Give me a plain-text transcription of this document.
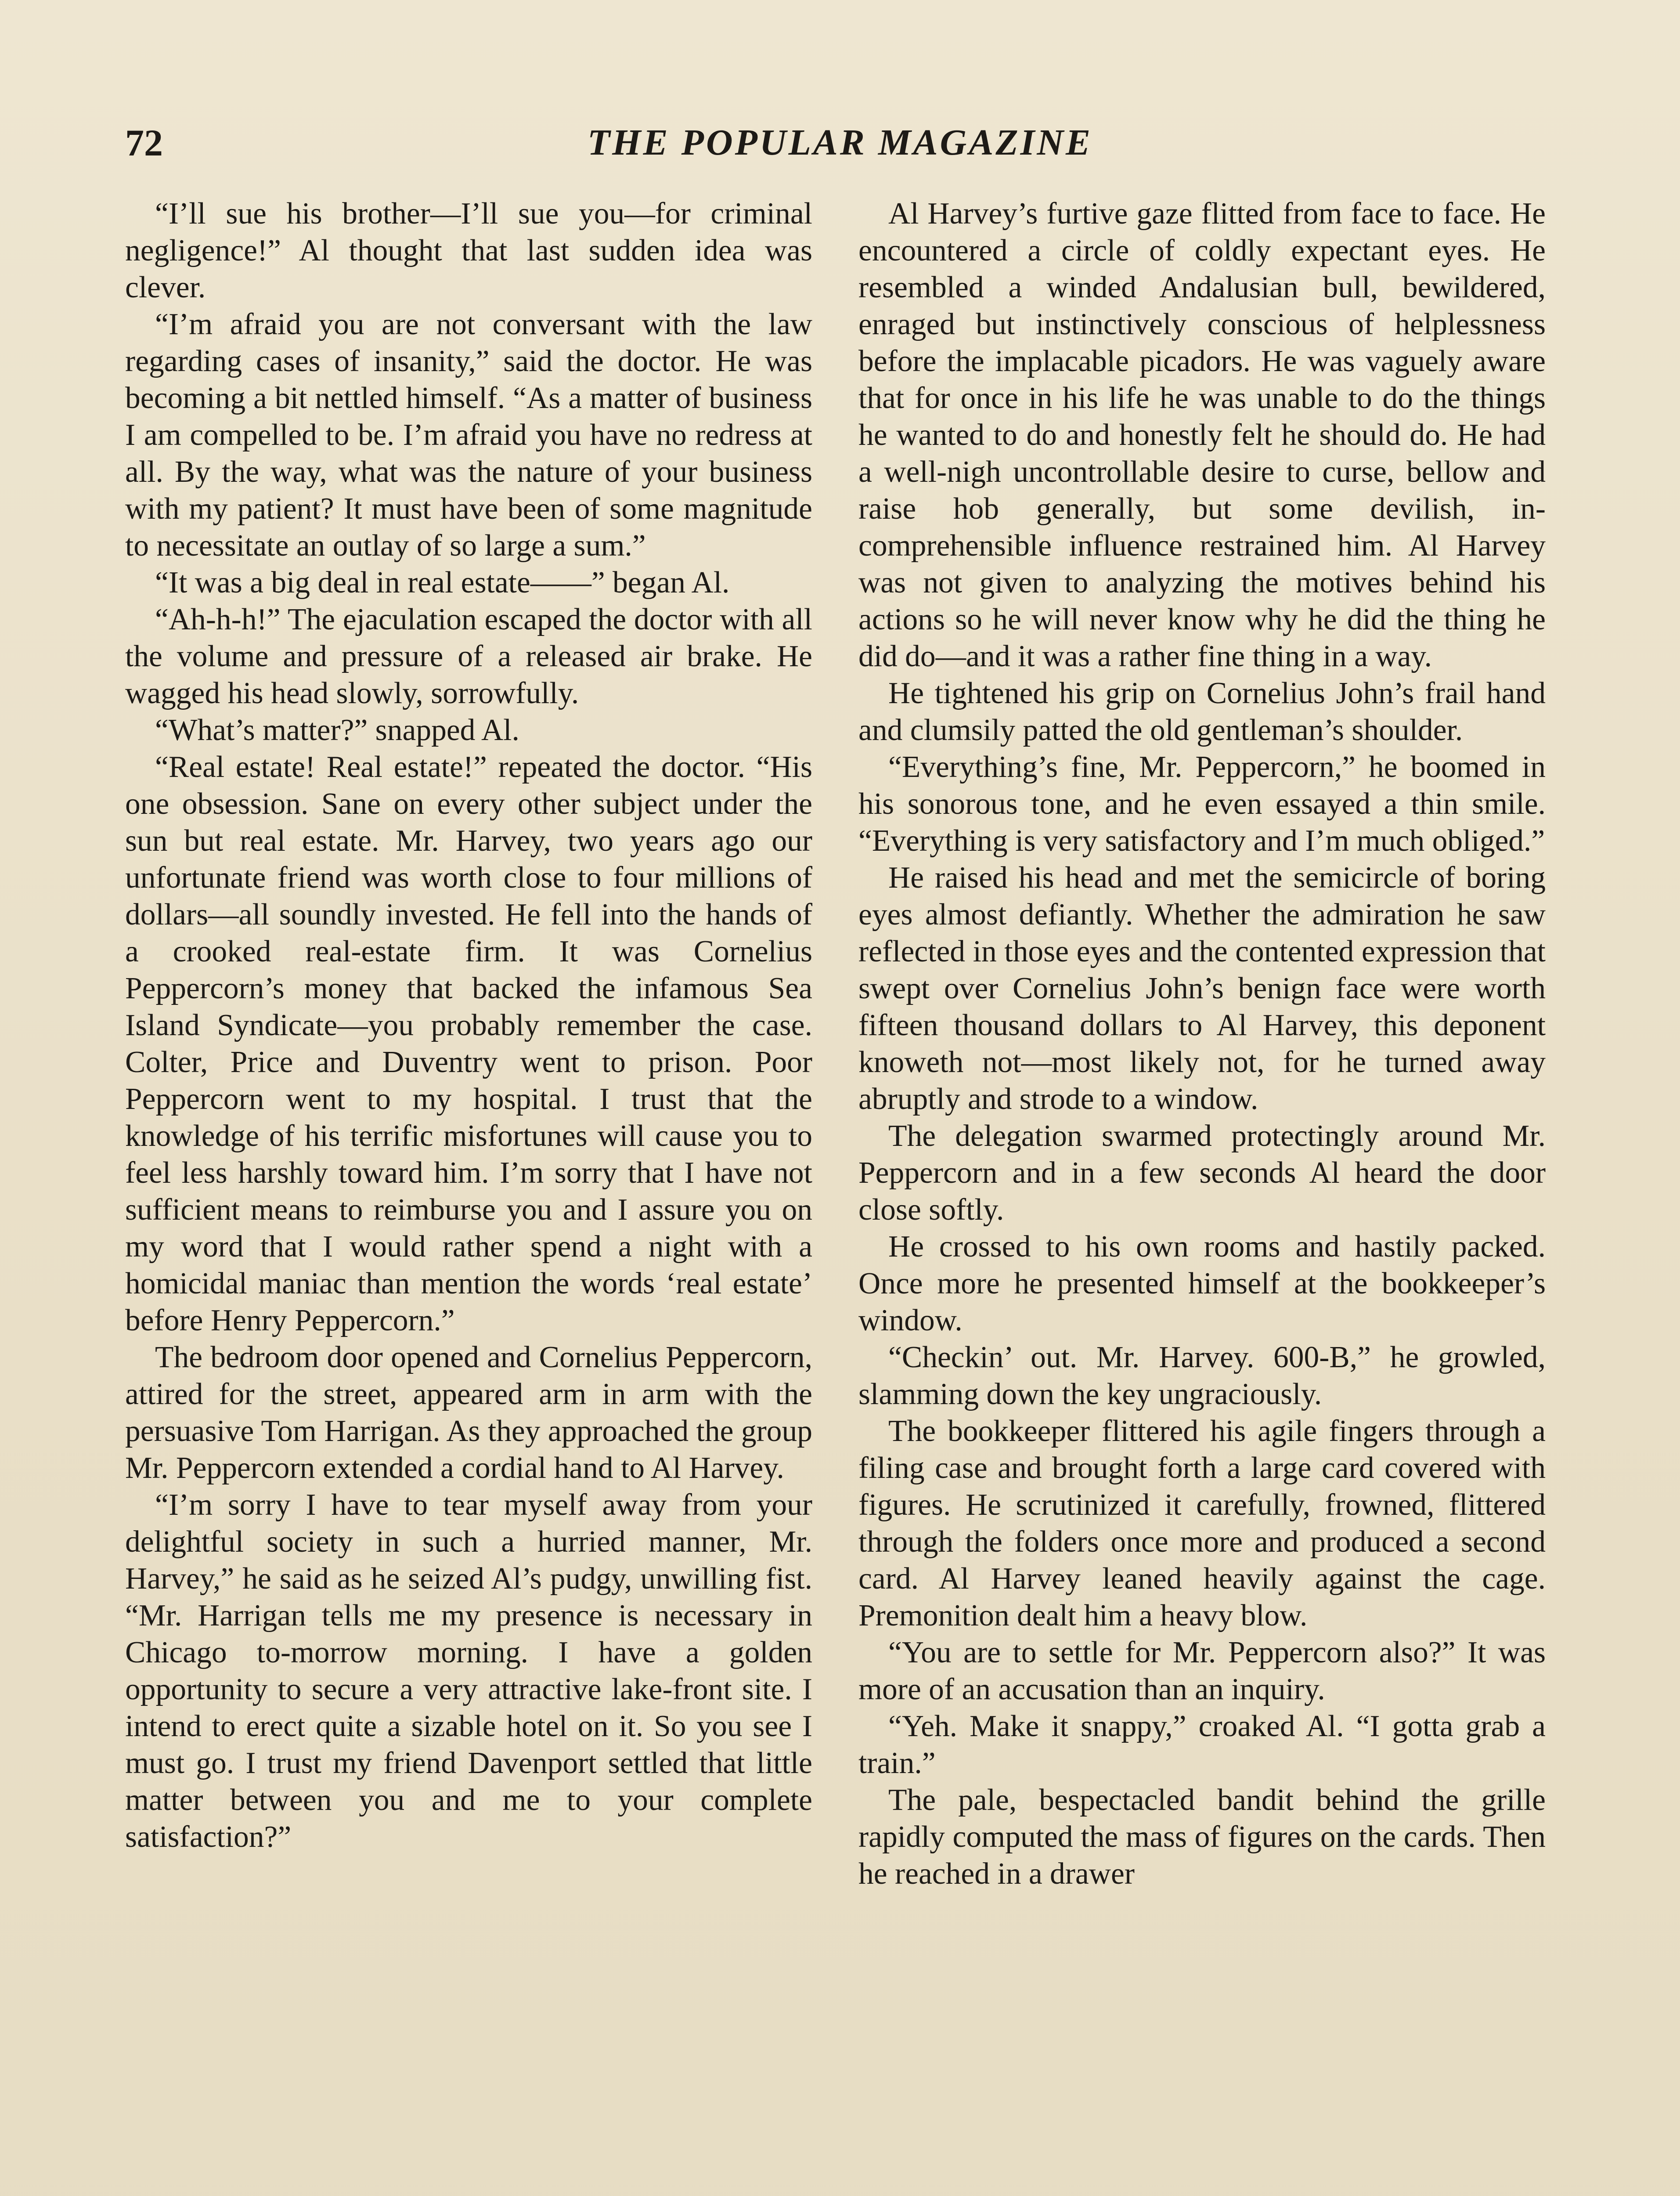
72	THE POPULAR MAGAZINE

“I’ll sue his brother—I’ll sue you—for criminal negligence!” Al thought that last sudden idea was clever.

“I’m afraid you are not conversant with the law regarding cases of insanity,” said the doctor. He was becoming a bit nettled himself. “As a matter of business I am compelled to be. I’m afraid you have no redress at all. By the way, what was the nature of your business with my patient? It must have been of some magnitude to necessitate an outlay of so large a sum.”

“It was a big deal in real estate——” began Al.

“Ah-h-h!” The ejaculation escaped the doctor with all the volume and pressure of a released air brake. He wagged his head slowly, sorrowfully.

“What’s matter?” snapped Al.

“Real estate! Real estate!” repeated the doctor. “His one obsession. Sane on every other subject under the sun but real estate. Mr. Harvey, two years ago our unfortunate friend was worth close to four millions of dollars—all soundly invested. He fell into the hands of a crooked real-estate firm. It was Cornelius Peppercorn’s money that backed the infamous Sea Island Syndicate—you probably remember the case. Colter, Price and Duventry went to prison. Poor Peppercorn went to my hospital. I trust that the knowledge of his terrific misfortunes will cause you to feel less harshly toward him. I’m sorry that I have not sufficient means to reimburse you and I assure you on my word that I would rather spend a night with a homicidal maniac than mention the words ‘real estate’ before Henry Peppercorn.”

The bedroom door opened and Cornelius Peppercorn, attired for the street, appeared arm in arm with the persuasive Tom Harrigan. As they approached the group Mr. Peppercorn extended a cordial hand to Al Harvey.

“I’m sorry I have to tear myself away from your delightful society in such a hurried manner, Mr. Harvey,” he said as he seized Al’s pudgy, unwilling fist. “Mr. Harrigan tells me my presence is necessary in Chicago to-morrow morning. I have a golden opportunity to secure a very attractive lake-front site. I intend to erect quite a sizable hotel on it. So you see I must go. I trust my friend Davenport settled that little matter between you and me to your complete satisfaction?”

Al Harvey’s furtive gaze flitted from face to face. He encountered a circle of coldly expectant eyes. He resembled a winded Andalusian bull, bewildered, enraged but instinctively conscious of helplessness before the implacable picadors. He was vaguely aware that for once in his life he was unable to do the things he wanted to do and honestly felt he should do. He had a well-nigh uncontrollable desire to curse, bellow and raise hob generally, but some devilish, incomprehensible influence restrained him. Al Harvey was not given to analyzing the motives behind his actions so he will never know why he did the thing he did do—and it was a rather fine thing in a way.

He tightened his grip on Cornelius John’s frail hand and clumsily patted the old gentleman’s shoulder.

“Everything’s fine, Mr. Peppercorn,” he boomed in his sonorous tone, and he even essayed a thin smile. “Everything is very satisfactory and I’m much obliged.”

He raised his head and met the semicircle of boring eyes almost defiantly. Whether the admiration he saw reflected in those eyes and the contented expression that swept over Cornelius John’s benign face were worth fifteen thousand dollars to Al Harvey, this deponent knoweth not—most likely not, for he turned away abruptly and strode to a window.

The delegation swarmed protectingly around Mr. Peppercorn and in a few seconds Al heard the door close softly.

He crossed to his own rooms and hastily packed. Once more he presented himself at the bookkeeper’s window.

“Checkin’ out. Mr. Harvey. 600-B,” he growled, slamming down the key ungraciously.

The bookkeeper flittered his agile fingers through a filing case and brought forth a large card covered with figures. He scrutinized it carefully, frowned, flittered through the folders once more and produced a second card. Al Harvey leaned heavily against the cage. Premonition dealt him a heavy blow.

“You are to settle for Mr. Peppercorn also?” It was more of an accusation than an inquiry.

“Yeh. Make it snappy,” croaked Al. “I gotta grab a train.”

The pale, bespectacled bandit behind the grille rapidly computed the mass of figures on the cards. Then he reached in a drawer
